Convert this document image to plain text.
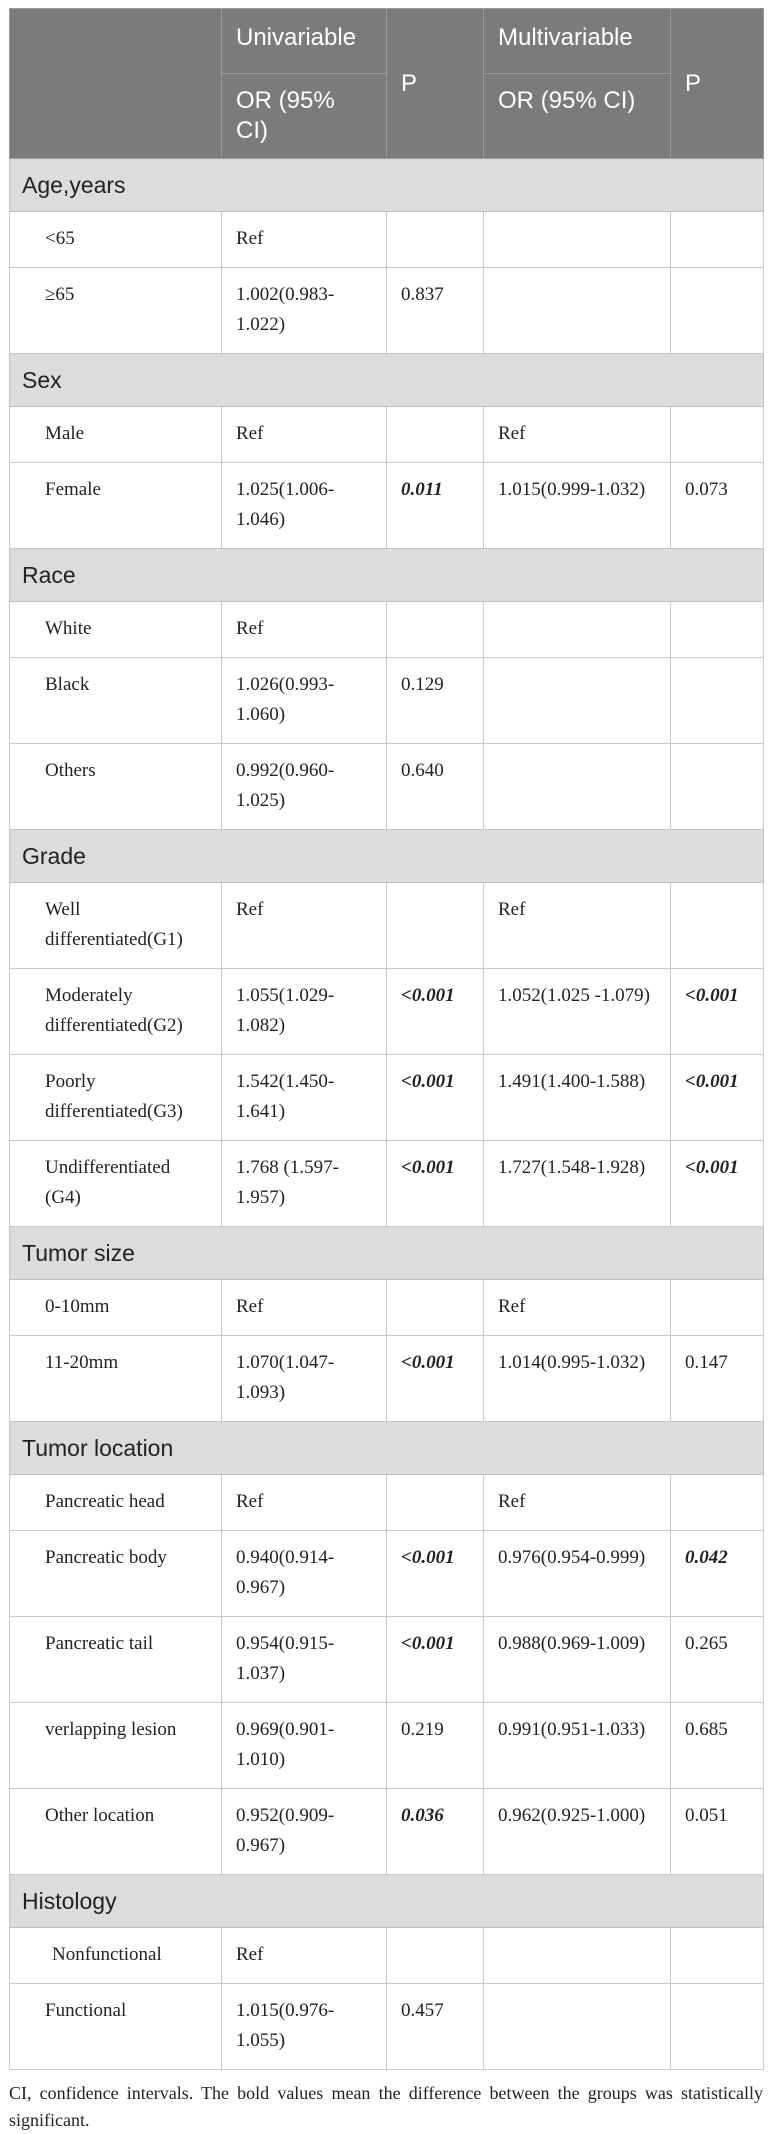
	Univariable	P	Multivariable	P
	OR (95% CI)		OR (95% CI)	
Age,years				
<65	Ref			
≥65	1.002(0.983-1.022)	0.837		
Sex				
Male	Ref		Ref	
Female	1.025(1.006-1.046)	0.011	1.015(0.999-1.032)	0.073
Race				
White	Ref			
Black	1.026(0.993-1.060)	0.129		
Others	0.992(0.960-1.025)	0.640		
Grade				
Well differentiated(G1)	Ref		Ref	
Moderately differentiated(G2)	1.055(1.029-1.082)	<0.001	1.052(1.025 -1.079)	<0.001
Poorly differentiated(G3)	1.542(1.450-1.641)	<0.001	1.491(1.400-1.588)	<0.001
Undifferentiated (G4)	1.768 (1.597-1.957)	<0.001	1.727(1.548-1.928)	<0.001
Tumor size				
0-10mm	Ref		Ref	
11-20mm	1.070(1.047-1.093)	<0.001	1.014(0.995-1.032)	0.147
Tumor location				
Pancreatic head	Ref		Ref	
Pancreatic body	0.940(0.914-0.967)	<0.001	0.976(0.954-0.999)	0.042
Pancreatic tail	0.954(0.915-1.037)	<0.001	0.988(0.969-1.009)	0.265
verlapping lesion	0.969(0.901-1.010)	0.219	0.991(0.951-1.033)	0.685
Other location	0.952(0.909-0.967)	0.036	0.962(0.925-1.000)	0.051
Histology				
Nonfunctional	Ref			
Functional	1.015(0.976-1.055)	0.457		

CI, confidence intervals. The bold values mean the difference between the groups was statistically significant.
